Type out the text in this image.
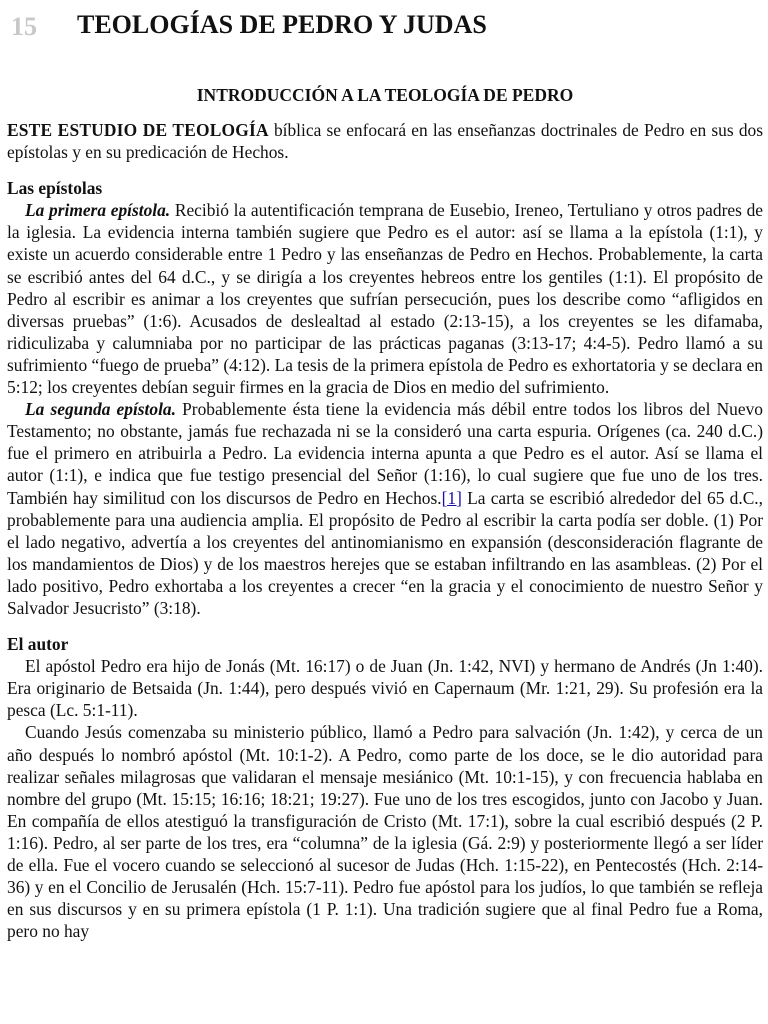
15 TEOLOGÍAS DE PEDRO Y JUDAS
INTRODUCCIÓN A LA TEOLOGÍA DE PEDRO

ESTE ESTUDIO DE TEOLOGÍA bíblica se enfocará en las enseñanzas doctrinales de Pedro en sus dos epístolas y en su predicación de Hechos.

Las epístolas

La primera epístola. Recibió la autentificación temprana de Eusebio, Ireneo, Tertuliano y otros padres de la iglesia. La evidencia interna también sugiere que Pedro es el autor: así se llama a la epístola (1:1), y existe un acuerdo considerable entre 1 Pedro y las enseñanzas de Pedro en Hechos. Probablemente, la carta se escribió antes del 64 d.C., y se dirigía a los creyentes hebreos entre los gentiles (1:1). El propósito de Pedro al escribir es animar a los creyentes que sufrían persecución, pues los describe como “afligidos en diversas pruebas” (1:6). Acusados de deslealtad al estado (2:13-15), a los creyentes se les difamaba, ridiculizaba y calumniaba por no participar de las prácticas paganas (3:13-17; 4:4-5). Pedro llamó a su sufrimiento “fuego de prueba” (4:12). La tesis de la primera epístola de Pedro es exhortatoria y se declara en 5:12; los creyentes debían seguir firmes en la gracia de Dios en medio del sufrimiento.

La segunda epístola. Probablemente ésta tiene la evidencia más débil entre todos los libros del Nuevo Testamento; no obstante, jamás fue rechazada ni se la consideró una carta espuria. Orígenes (ca. 240 d.C.) fue el primero en atribuirla a Pedro. La evidencia interna apunta a que Pedro es el autor. Así se llama el autor (1:1), e indica que fue testigo presencial del Señor (1:16), lo cual sugiere que fue uno de los tres. También hay similitud con los discursos de Pedro en Hechos.[1] La carta se escribió alrededor del 65 d.C., probablemente para una audiencia amplia. El propósito de Pedro al escribir la carta podía ser doble. (1) Por el lado negativo, advertía a los creyentes del antinomianismo en expansión (desconsideración flagrante de los mandamientos de Dios) y de los maestros herejes que se estaban infiltrando en las asambleas. (2) Por el lado positivo, Pedro exhortaba a los creyentes a crecer “en la gracia y el conocimiento de nuestro Señor y Salvador Jesucristo” (3:18).

El autor

El apóstol Pedro era hijo de Jonás (Mt. 16:17) o de Juan (Jn. 1:42, NVI) y hermano de Andrés (Jn 1:40). Era originario de Betsaida (Jn. 1:44), pero después vivió en Capernaum (Mr. 1:21, 29). Su profesión era la pesca (Lc. 5:1-11).

Cuando Jesús comenzaba su ministerio público, llamó a Pedro para salvación (Jn. 1:42), y cerca de un año después lo nombró apóstol (Mt. 10:1-2). A Pedro, como parte de los doce, se le dio autoridad para realizar señales milagrosas que validaran el mensaje mesiánico (Mt. 10:1-15), y con frecuencia hablaba en nombre del grupo (Mt. 15:15; 16:16; 18:21; 19:27). Fue uno de los tres escogidos, junto con Jacobo y Juan. En compañía de ellos atestiguó la transfiguración de Cristo (Mt. 17:1), sobre la cual escribió después (2 P. 1:16). Pedro, al ser parte de los tres, era “columna” de la iglesia (Gá. 2:9) y posteriormente llegó a ser líder de ella. Fue el vocero cuando se seleccionó al sucesor de Judas (Hch. 1:15-22), en Pentecostés (Hch. 2:14-36) y en el Concilio de Jerusalén (Hch. 15:7-11). Pedro fue apóstol para los judíos, lo que también se refleja en sus discursos y en su primera epístola (1 P. 1:1). Una tradición sugiere que al final Pedro fue a Roma, pero no hay
